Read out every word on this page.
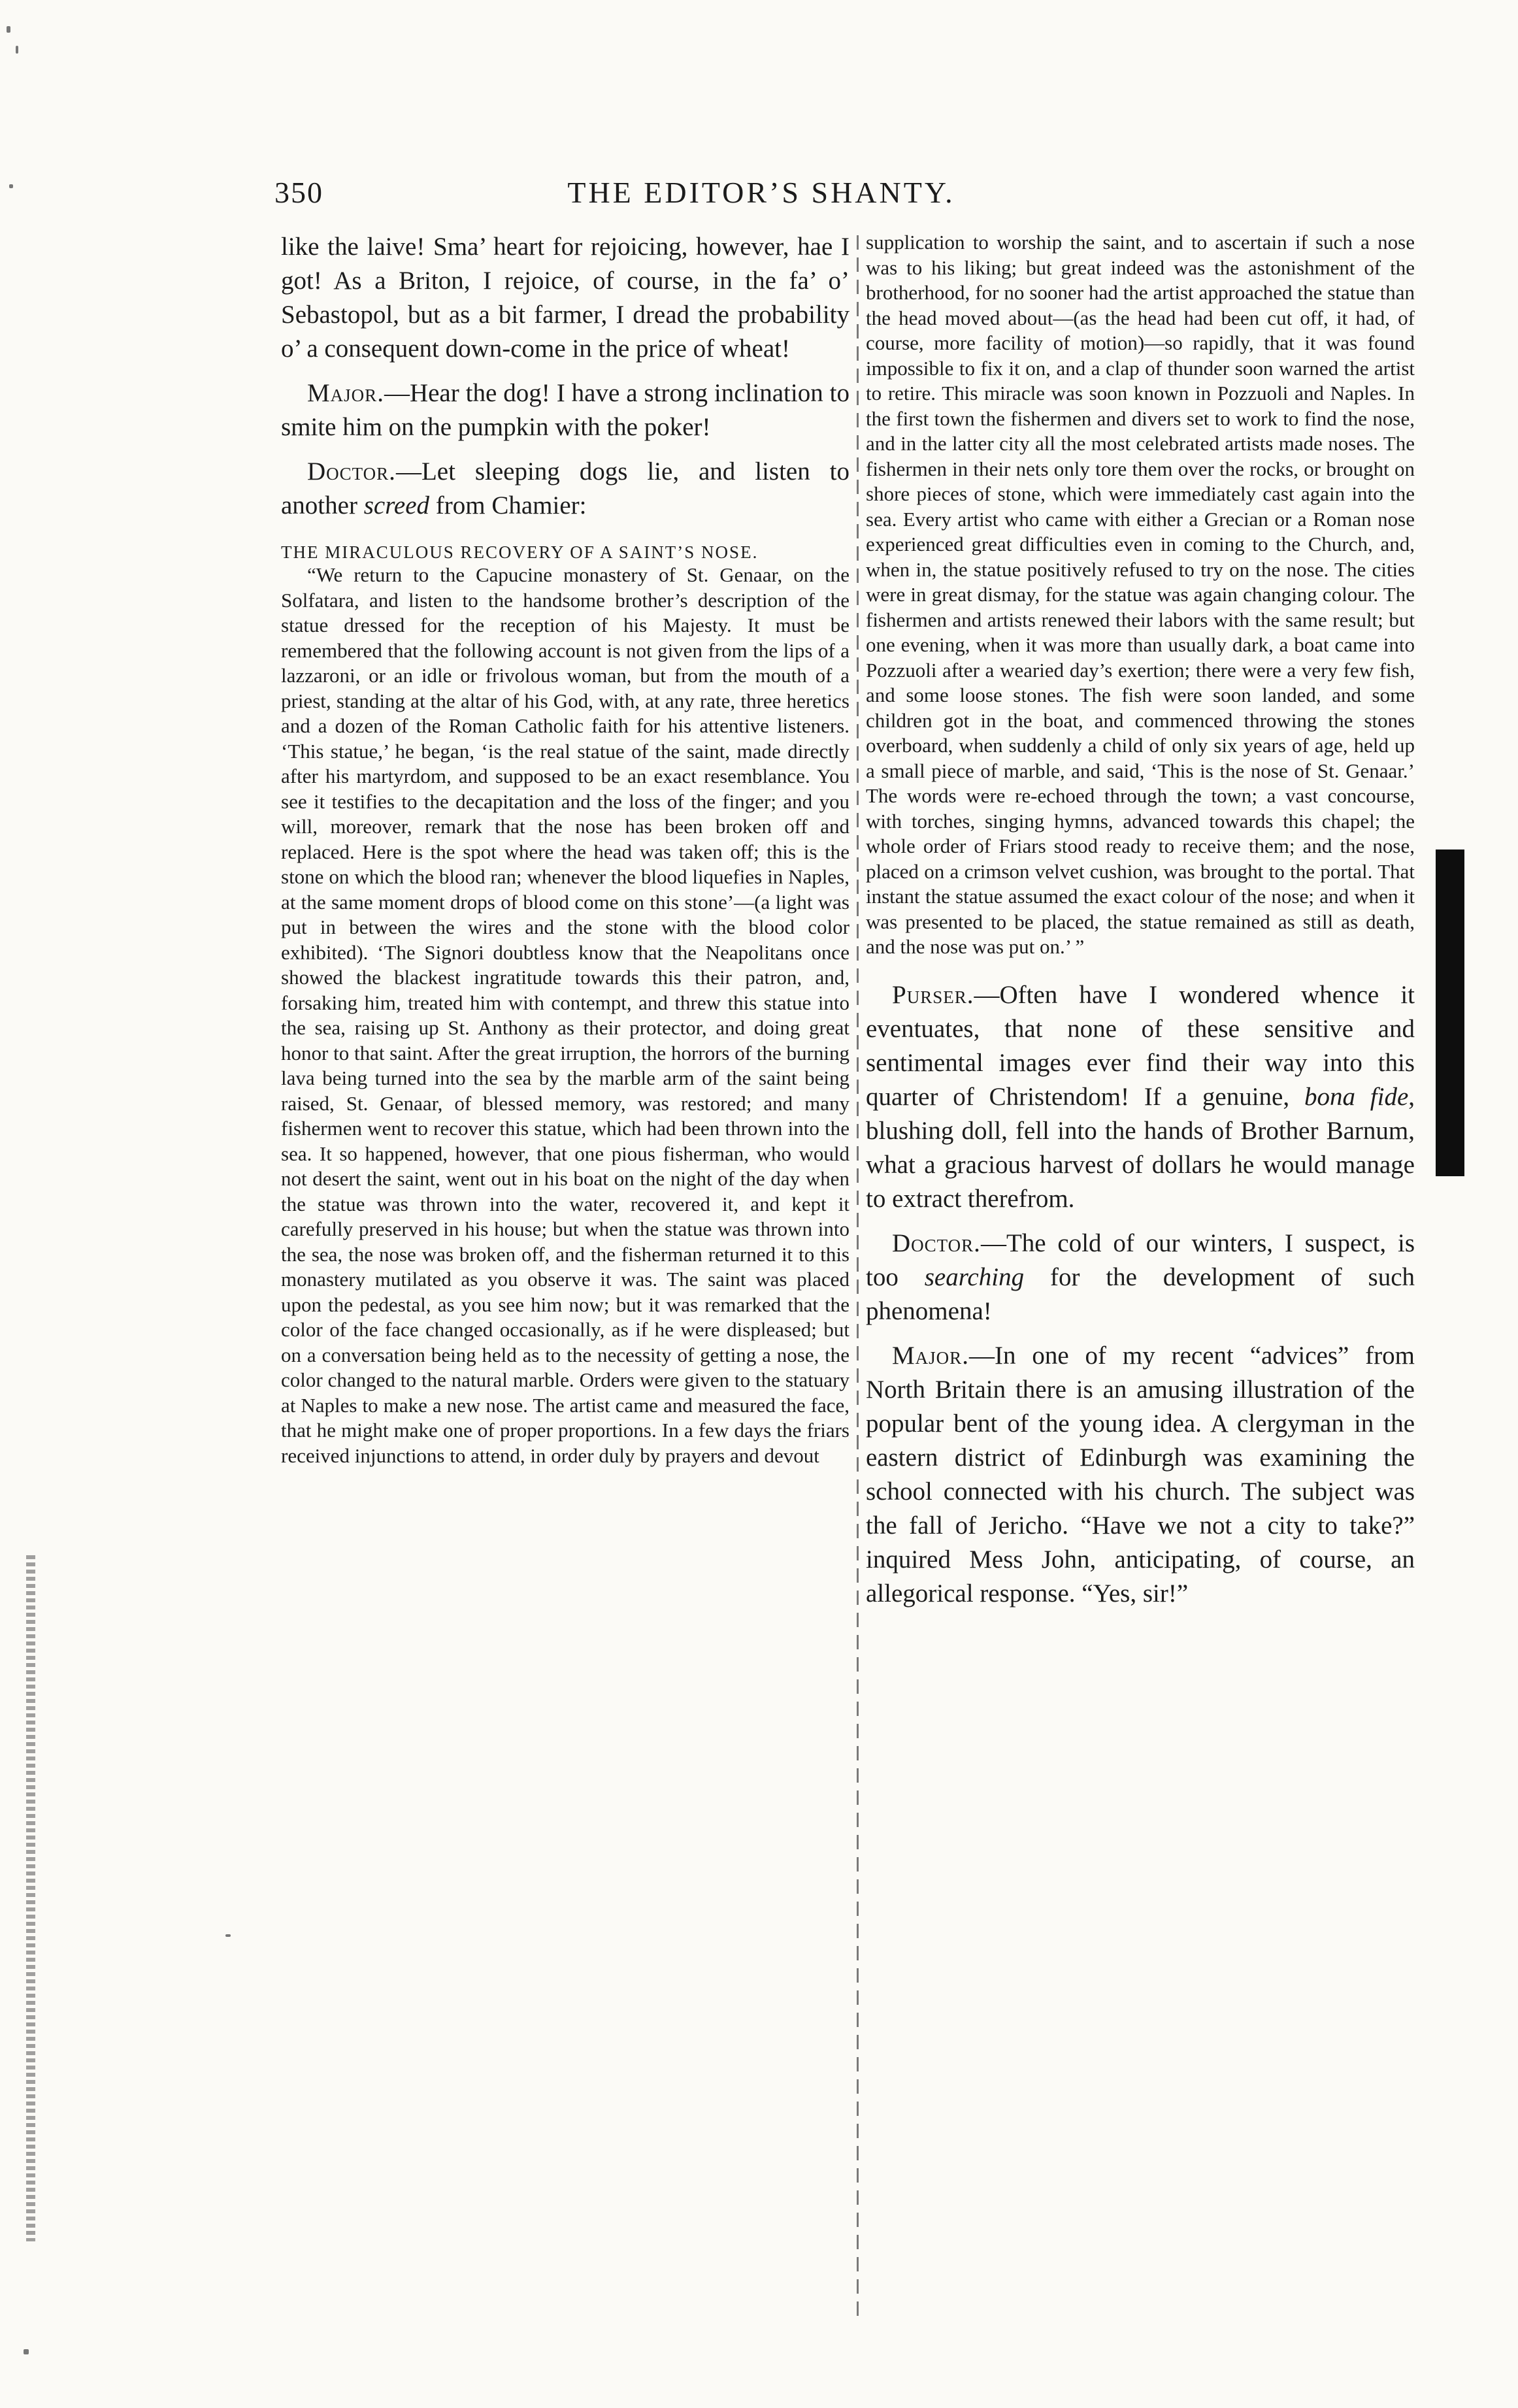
350	THE EDITOR’S SHANTY.

like the laive! Sma’ heart for rejoicing, however, hae I got! As a Briton, I rejoice, of course, in the fa’ o’ Sebastopol, but as a bit farmer, I dread the probability o’ a consequent down-come in the price of wheat!

Major.—Hear the dog! I have a strong inclination to smite him on the pumpkin with the poker!

Doctor.—Let sleeping dogs lie, and listen to another screed from Chamier:

THE MIRACULOUS RECOVERY OF A SAINT’S NOSE.

“We return to the Capucine monastery of St. Genaar, on the Solfatara, and listen to the handsome brother’s description of the statue dressed for the reception of his Majesty. It must be remembered that the following account is not given from the lips of a lazzaroni, or an idle or frivolous woman, but from the mouth of a priest, standing at the altar of his God, with, at any rate, three heretics and a dozen of the Roman Catholic faith for his attentive listeners. ‘This statue,’ he began, ‘is the real statue of the saint, made directly after his martyrdom, and supposed to be an exact resemblance. You see it testifies to the decapitation and the loss of the finger; and you will, moreover, remark that the nose has been broken off and replaced. Here is the spot where the head was taken off; this is the stone on which the blood ran; whenever the blood liquefies in Naples, at the same moment drops of blood come on this stone’—(a light was put in between the wires and the stone with the blood color exhibited). ‘The Signori doubtless know that the Neapolitans once showed the blackest ingratitude towards this their patron, and, forsaking him, treated him with contempt, and threw this statue into the sea, raising up St. Anthony as their protector, and doing great honor to that saint. After the great irruption, the horrors of the burning lava being turned into the sea by the marble arm of the saint being raised, St. Genaar, of blessed memory, was restored; and many fishermen went to recover this statue, which had been thrown into the sea. It so happened, however, that one pious fisherman, who would not desert the saint, went out in his boat on the night of the day when the statue was thrown into the water, recovered it, and kept it carefully preserved in his house; but when the statue was thrown into the sea, the nose was broken off, and the fisherman returned it to this monastery mutilated as you observe it was. The saint was placed upon the pedestal, as you see him now; but it was remarked that the color of the face changed occasionally, as if he were displeased; but on a conversation being held as to the necessity of getting a nose, the color changed to the natural marble. Orders were given to the statuary at Naples to make a new nose. The artist came and measured the face, that he might make one of proper proportions. In a few days the friars received injunctions to attend, in order duly by prayers and devout

supplication to worship the saint, and to ascertain if such a nose was to his liking; but great indeed was the astonishment of the brotherhood, for no sooner had the artist approached the statue than the head moved about—(as the head had been cut off, it had, of course, more facility of motion)—so rapidly, that it was found impossible to fix it on, and a clap of thunder soon warned the artist to retire. This miracle was soon known in Pozzuoli and Naples. In the first town the fishermen and divers set to work to find the nose, and in the latter city all the most celebrated artists made noses. The fishermen in their nets only tore them over the rocks, or brought on shore pieces of stone, which were immediately cast again into the sea. Every artist who came with either a Grecian or a Roman nose experienced great difficulties even in coming to the Church, and, when in, the statue positively refused to try on the nose. The cities were in great dismay, for the statue was again changing colour. The fishermen and artists renewed their labors with the same result; but one evening, when it was more than usually dark, a boat came into Pozzuoli after a wearied day’s exertion; there were a very few fish, and some loose stones. The fish were soon landed, and some children got in the boat, and commenced throwing the stones overboard, when suddenly a child of only six years of age, held up a small piece of marble, and said, ‘This is the nose of St. Genaar.’ The words were re-echoed through the town; a vast concourse, with torches, singing hymns, advanced towards this chapel; the whole order of Friars stood ready to receive them; and the nose, placed on a crimson velvet cushion, was brought to the portal. That instant the statue assumed the exact colour of the nose; and when it was presented to be placed, the statue remained as still as death, and the nose was put on.’ ”

Purser.—Often have I wondered whence it eventuates, that none of these sensitive and sentimental images ever find their way into this quarter of Christendom! If a genuine, bona fide, blushing doll, fell into the hands of Brother Barnum, what a gracious harvest of dollars he would manage to extract therefrom.

Doctor.—The cold of our winters, I suspect, is too searching for the development of such phenomena!

Major.—In one of my recent “advices” from North Britain there is an amusing illustration of the popular bent of the young idea. A clergyman in the eastern district of Edinburgh was examining the school connected with his church. The subject was the fall of Jericho. “Have we not a city to take?” inquired Mess John, anticipating, of course, an allegorical response. “Yes, sir!”
